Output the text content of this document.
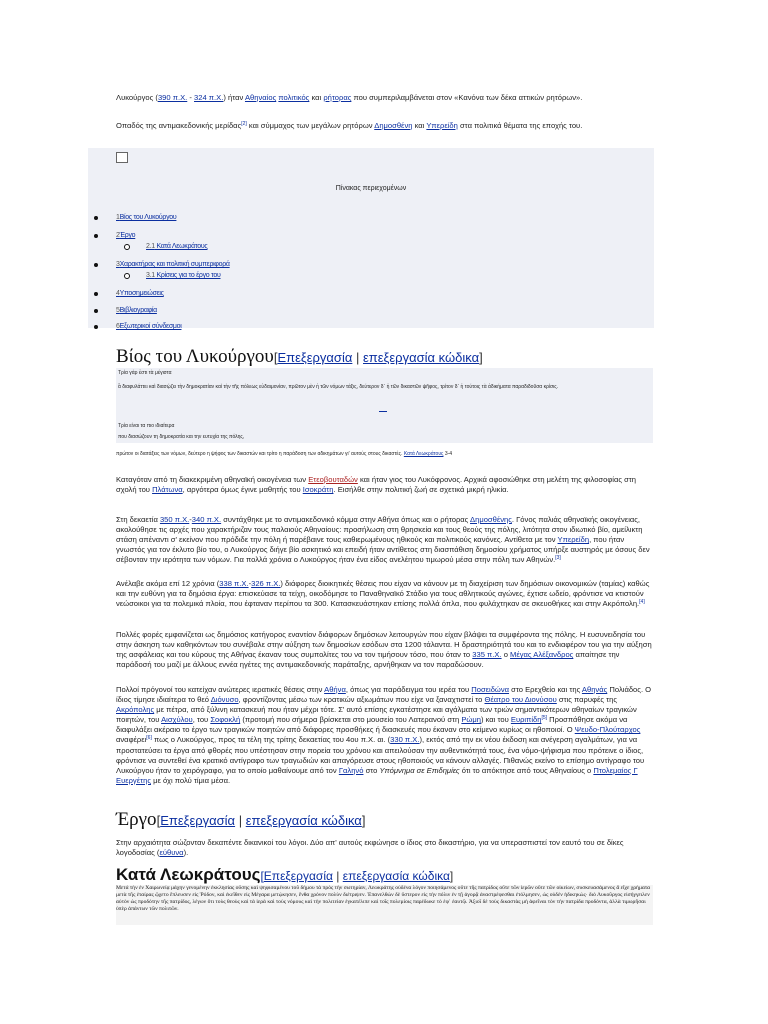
Λυκούργος (390 π.Χ. - 324 π.Χ.) ήταν Αθηναίος πολιτικός και ρήτορας που συμπεριλαμβάνεται στον «Κανόνα των δέκα αττικών ρητόρων».

Οπαδός της αντιμακεδονικής μερίδας[2] και σύμμαχος των μεγάλων ρητόρων Δημοσθένη και Υπερείδη στα πολιτικά θέματα της εποχής του.

Πίνακας περιεχομένων
1Βίος του Λυκούργου
2Έργο
2.1 Κατά Λεωκράτους
3Χαρακτήρας και πολιτική συμπεριφορά
3.1 Κρίσεις για το έργο του
4Υποσημειώσεις
5Βιβλιογραφία
6Εξωτερικοί σύνδεσμοι
Βίος του Λυκούργου[Επεξεργασία | επεξεργασία κώδικα]
Τρία γάρ ἐστι τὰ μέγιστα
ἃ διαφυλάττει καὶ διασῴζει τὴν δημοκρατίαν καὶ τὴν τῆς πόλεως εὐδαιμονίαν, πρῶτον μὲν ἡ τῶν νόμων τάξις, δεύτερον δ᾽ ἡ τῶν δικαστῶν ψῆφος, τρίτον δ᾽ ἡ τούτοις τὰ ἀδικήματα παραδιδοῦσα κρίσις.
Τρία είναι τα πιο ιδιαίτερα
που διασώζουν τη δημοκρατία και την ευτυχία της πόλης,
πρώτον οι διατάξεις των νόμων, δεύτερο η ψήφος των δικαστών και τρίτο η παράδοση των αδικημάτων γι' αυτούς στους δικαστές. Κατά Λεωκράτους 3-4

Καταγόταν από τη διακεκριμένη αθηναϊκή οικογένεια των Ετεοβουταδών και ήταν γιος του Λυκόφρονος. Αρχικά αφοσιώθηκε στη μελέτη της φιλοσοφίας στη σχολή του Πλάτωνα, αργότερα όμως έγινε μαθητής του Ισοκράτη. Εισήλθε στην πολιτική ζωή σε σχετικά μικρή ηλικία.

Στη δεκαετία 350 π.Χ.-340 π.Χ. συντάχθηκε με το αντιμακεδονικό κόμμα στην Αθήνα όπως και ο ρήτορας Δημοσθένης. Γόνος παλιάς αθηναϊκής οικογένειας, ακολούθησε τις αρχές που χαρακτήριζαν τους παλαιούς Αθηναίους: προσήλωση στη θρησκεία και τους θεούς της πόλης, λιτότητα στον ιδιωτικό βίο, αμείλικτη στάση απέναντι σ' εκείνον που πρόδιδε την πόλη ή παρέβαινε τους καθιερωμένους ηθικούς και πολιτικούς κανόνες. Αντίθετα με τον Υπερείδη, που ήταν γνωστός για τον έκλυτο βίο του, ο Λυκούργος διήγε βίο ασκητικό και επειδή ήταν αντίθετος στη διασπάθιση δημοσίου χρήματος υπήρξε αυστηρός με όσους δεν σέβονταν την ιερότητα των νόμων. Για πολλά χρόνια ο Λυκούργος ήταν ένα είδος ανελέητου τιμωρού μέσα στην πόλη των Αθηνών.[3]

Ανέλαβε ακόμα επί 12 χρόνια (338 π.Χ.-326 π.Χ.) διάφορες διοικητικές θέσεις που είχαν να κάνουν με τη διαχείριση των δημόσιων οικονομικών (ταμίας) καθώς και την ευθύνη για τα δημόσια έργα: επισκεύασε τα τείχη, οικοδόμησε το Παναθηναϊκό Στάδιο για τους αθλητικούς αγώνες, έχτισε ωδείο, φρόντισε να κτιστούν νεώσοικοι για τα πολεμικά πλοία, που έφταναν περίπου τα 300. Κατασκευάστηκαν επίσης πολλά όπλα, που φυλάχτηκαν σε σκευοθήκες και στην Ακρόπολη.[4]

Πολλές φορές εμφανίζεται ως δημόσιος κατήγορος εναντίον διάφορων δημόσιων λειτουργών που είχαν βλάψει τα συμφέροντα της πόλης. Η ευσυνειδησία του στην άσκηση των καθηκόντων του συνέβαλε στην αύξηση των δημοσίων εσόδων στα 1200 τάλαντα. Η δραστηριότητά του και το ενδιαφέρον του για την αύξηση της ασφάλειας και του κύρους της Αθήνας έκαναν τους συμπολίτες του να τον τιμήσουν τόσο, που όταν το 335 π.Χ. ο Μέγας Αλέξανδρος απαίτησε την παράδοσή του μαζί με άλλους εννέα ηγέτες της αντιμακεδονικής παράταξης, αρνήθηκαν να τον παραδώσουν.

Πολλοί πρόγονοί του κατείχαν ανώτερες ιερατικές θέσεις στην Αθήνα, όπως για παράδειγμα του ιερέα του Ποσειδώνα στο Ερεχθείο και της Αθηνάς Πολιάδος. Ο ίδιος τίμησε ιδιαίτερα το θεό Διόνυσο, φροντίζοντας μέσω των κρατικών αξιωμάτων που είχε να ξαναχτιστεί το Θέατρο του Διονύσου στις παρυφές της Ακρόπολης με πέτρα, από ξύλινη κατασκευή που ήταν μέχρι τότε. Σ' αυτό επίσης εγκατέστησε και αγάλματα των τριών σημαντικότερων αθηναίων τραγικών ποιητών, του Αισχύλου, του Σοφοκλή (προτομή που σήμερα βρίσκεται στο μουσείο του Λατερανού στη Ρώμη) και του Ευριπίδη[5] Προσπάθησε ακόμα να διαφυλάξει ακέραιο το έργο των τραγικών ποιητών από διάφορες προσθήκες ή διασκευές που έκαναν στο κείμενο κυρίως οι ηθοποιοί. Ο Ψευδο-Πλούταρχος αναφέρει[6] πως ο Λυκούργος, προς τα τέλη της τρίτης δεκαετίας του 4ου π.Χ. αι. (330 π.Χ.), εκτός από την εκ νέου έκδοση και ανέγερση αγαλμάτων, για να προστατεύσει τα έργα από φθορές που υπέστησαν στην πορεία του χρόνου και απειλούσαν την αυθεντικότητά τους, ένα νόμο-ψήφισμα που πρότεινε ο ίδιος, φρόντισε να συντεθεί ένα κρατικό αντίγραφο των τραγωδιών και απαγόρευσε στους ηθοποιούς να κάνουν αλλαγές. Πιθανώς εκείνο το επίσημο αντίγραφο του Λυκούργου ήταν το χειρόγραφο, για το οποίο μαθαίνουμε από τον Γαληνό στο Υπόμνημα σε Επιδημίες ότι το απόκτησε από τους Αθηναίους ο Πτολεμαίος Γ Ευεργέτης με όχι πολύ τίμια μέσα.

Έργο[Επεξεργασία | επεξεργασία κώδικα]

Στην αρχαιότητα σώζονταν δεκαπέντε δικανικοί του λόγοι. Δύο απ' αυτούς εκφώνησε ο ίδιος στο δικαστήριο, για να υπερασπιστεί τον εαυτό του σε δίκες λογοδοσίας (εύθυνα).

Κατά Λεωκράτους[Επεξεργασία | επεξεργασία κώδικα]
Μετά τὴν ἐν Χαιρωνείᾳ μάχην γενομένην ἐκκλησίας οὔσης καὶ ψηφισαμένου τοῦ δήμου τὰ πρὸς τὴν σωτηρίαν, Λεωκράτης οὐδένα λόγον ποιησάμενος οὔτε τῆς πατρίδος οὔτε τῶν ἱερῶν οὔτε τῶν οἰκείων, συσκευασάμενος ἃ εἶχε χρήματα μετὰ τῆς ἑταίρας ᾤχετο ἔπλευσεν εἰς Ῥόδον, καὶ ἐκεῖθεν εἰς Μέγαρα μετῴκησεν, ἔνθα χρόνον πολὺν διέτριψεν. Ἐπανελθὼν δὲ ὕστερον εἰς τὴν πόλιν ἐν τῇ ἀγορᾷ ἀναστρέφεσθαι ἐτόλμησεν, ὡς οὐδὲν ἠδικηκώς· διὸ Λυκοῦργος εἰσήγγειλεν αὐτὸν ὡς προδότην τῆς πατρίδος, λέγων ὅτι τοὺς θεοὺς καὶ τὰ ἱερὰ καὶ τοὺς νόμους καὶ τὴν πολιτείαν ἐγκατέλιπε καὶ τοῖς πολεμίοις παρέδωκε τὸ ἐφ᾽ ἑαυτῷ. Ἀξιοῖ δὲ τοὺς δικαστὰς μὴ ἀφεῖναι τὸν τὴν πατρίδα προδόντα, ἀλλὰ τιμωρῆσαι ὑπὲρ ἁπάντων τῶν πολιτῶν.
